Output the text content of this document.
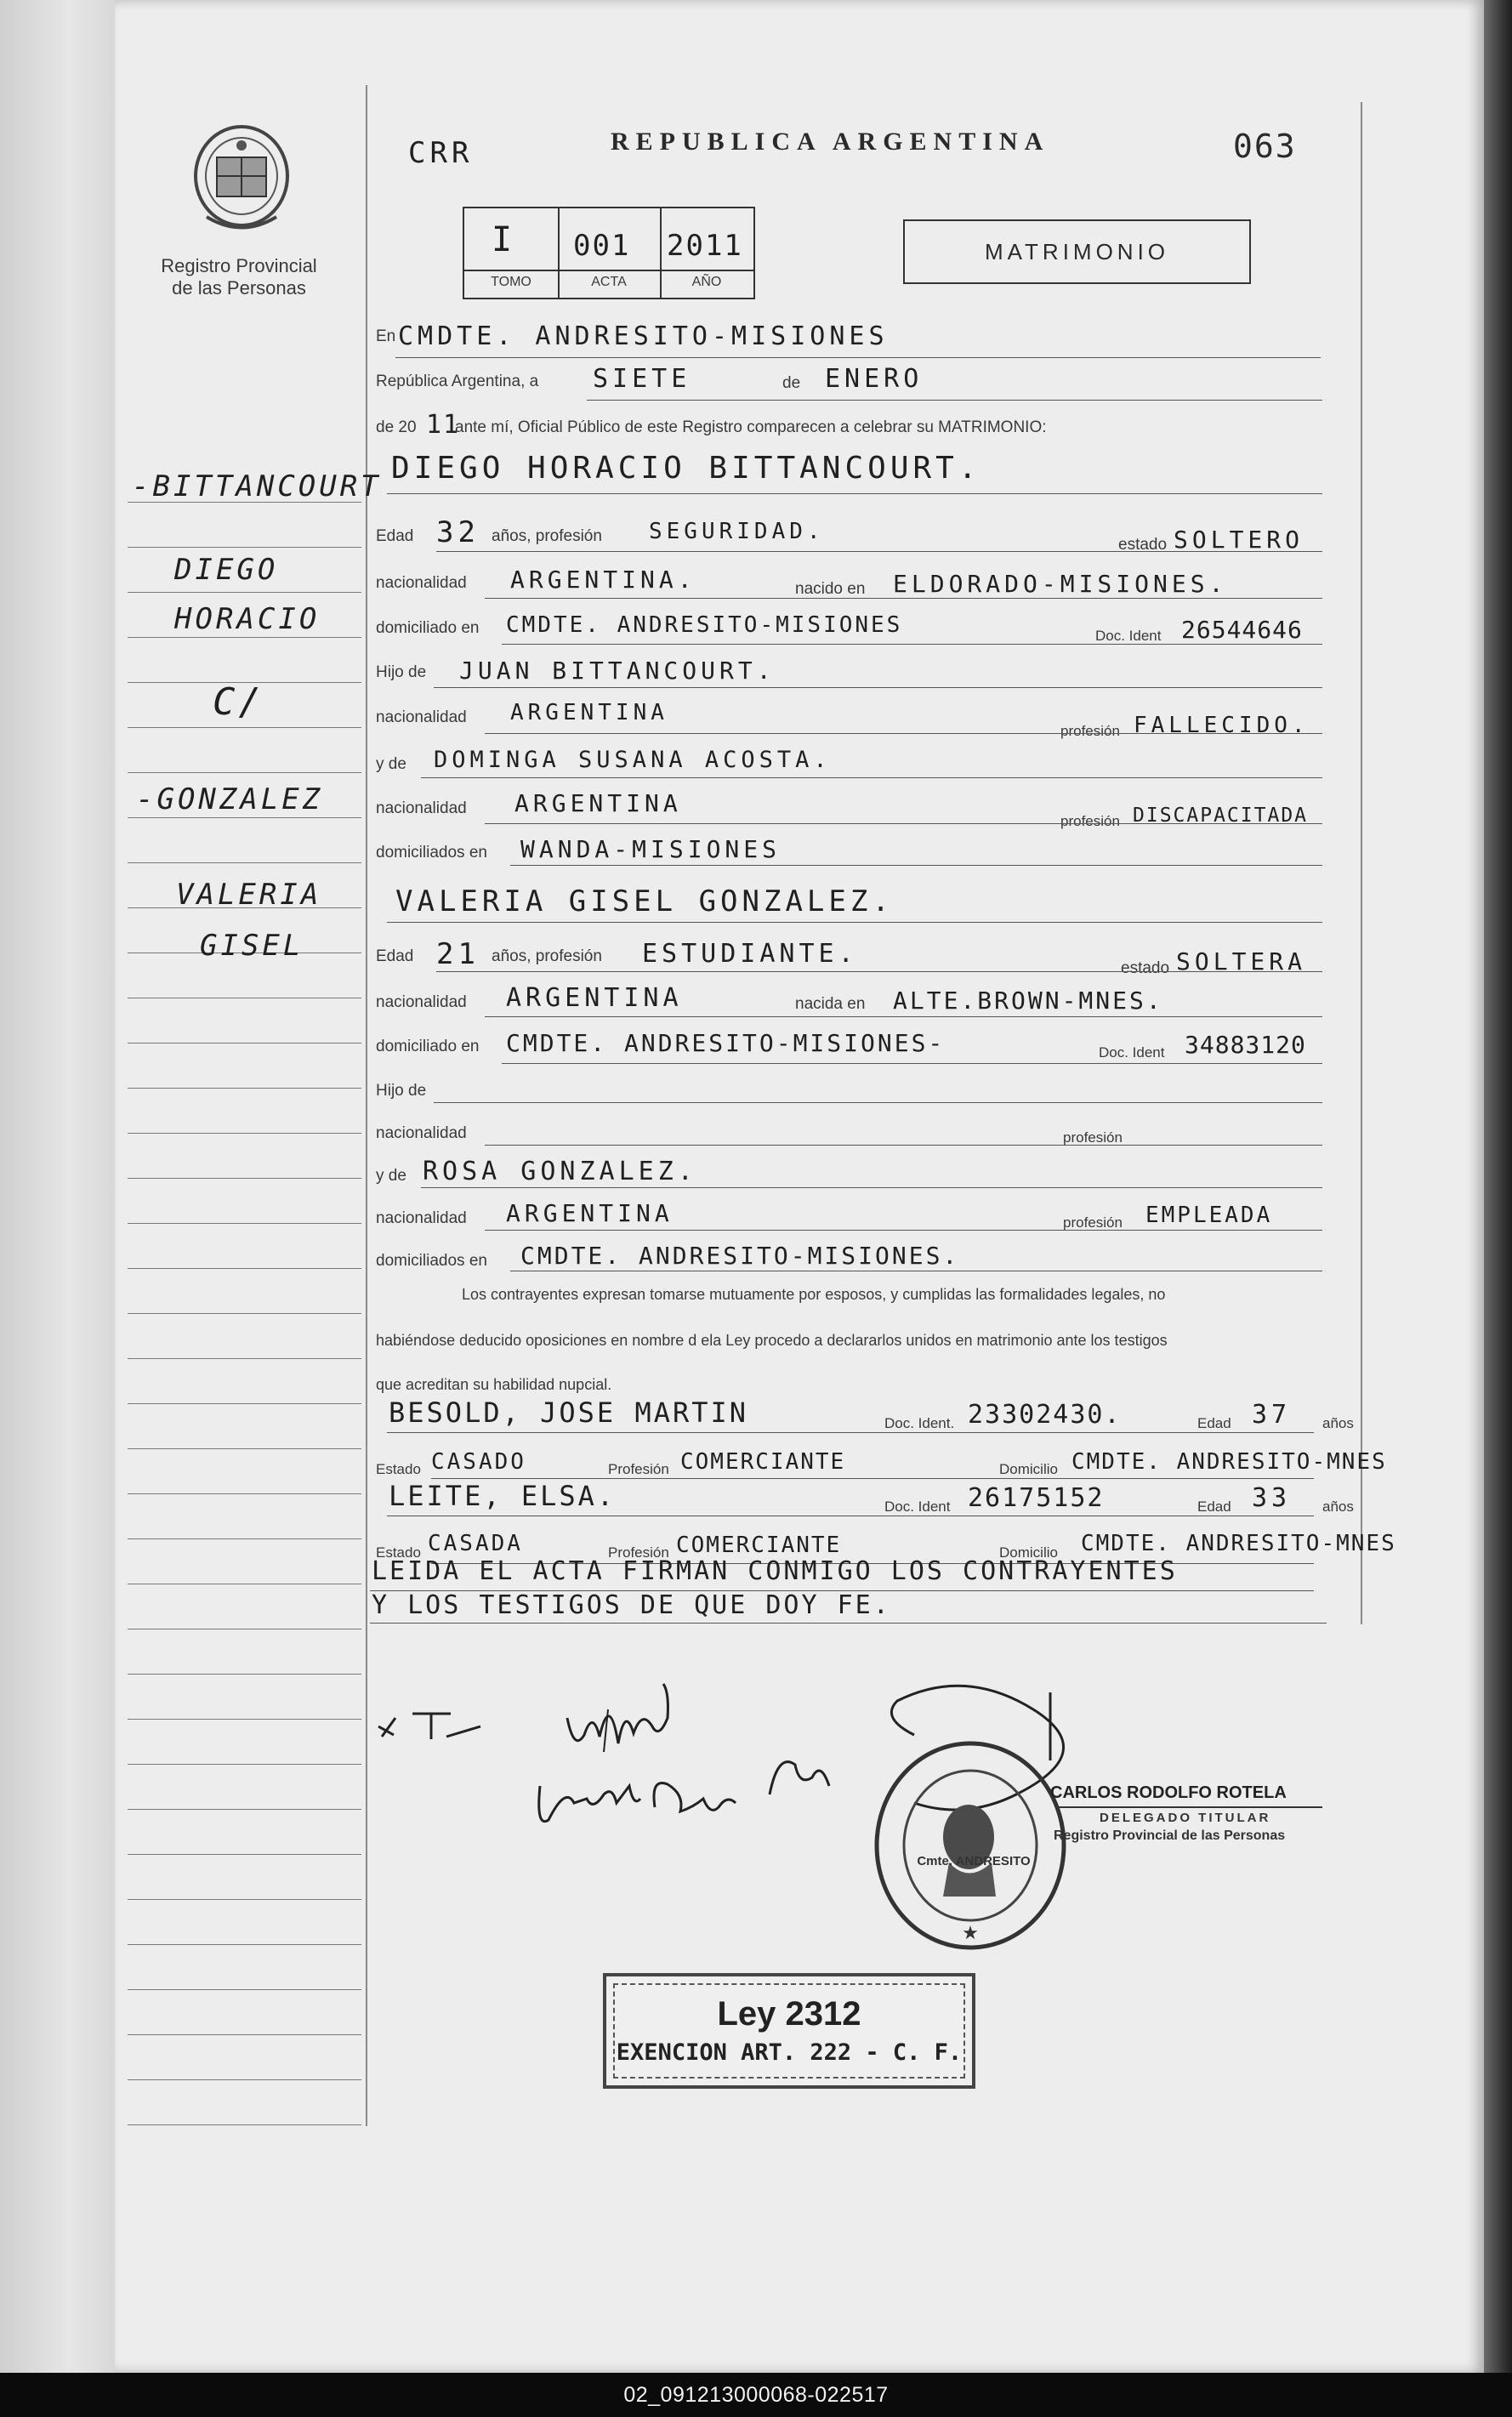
Registro Provincial
de las Personas
CRR	REPUBLICA ARGENTINA	063
I 001 2011
TOMO	ACTA	AÑO
MATRIMONIO
-BITTANCOURT
DIEGO
HORACIO
C/
-GONZALEZ
VALERIA
GISEL
En CMDTE. ANDRESITO-MISIONES
República Argentina, a SIETE	de ENERO
de 20 11
ante mí, Oficial Público de este Registro comparecen a celebrar su MATRIMONIO:
DIEGO HORACIO BITTANCOURT.
Edad 32 años, profesión SEGURIDAD.
estado SOLTERO
nacionalidad ARGENTINA.	nacido en ELDORADO-MISIONES.
domiciliado en CMDTE. ANDRESITO-MISIONES	Doc. Ident 26544646
Hijo de JUAN BITTANCOURT.
nacionalidad ARGENTINA
profesión FALLECIDO.
y de DOMINGA SUSANA ACOSTA.
nacionalidad ARGENTINA
profesión DISCAPACITADA
domiciliados en WANDA-MISIONES
VALERIA GISEL GONZALEZ.
Edad 21 años, profesión ESTUDIANTE.	estado SOLTERA
nacionalidad ARGENTINA	nacida en ALTE.BROWN-MNES.
domiciliado en CMDTE. ANDRESITO-MISIONES-	Doc. Ident 34883120
Hijo de
nacionalidad	profesión
y de ROSA GONZALEZ.
nacionalidad ARGENTINA	profesión EMPLEADA
domiciliados en CMDTE. ANDRESITO-MISIONES.
Los contrayentes expresan tomarse mutuamente por esposos, y cumplidas las formalidades legales, no
habiéndose deducido oposiciones en nombre d ela Ley procedo a declararlos unidos en matrimonio ante los testigos
que acreditan su habilidad nupcial.
BESOLD, JOSE MARTIN	Doc. Ident. 23302430.	Edad 37 años
Estado CASADO	Profesión COMERCIANTE	Domicilio CMDTE. ANDRESITO-MNES
LEITE, ELSA.	Doc. Ident 26175152	Edad 33 años
Estado CASADA	Profesión COMERCIANTE	Domicilio CMDTE. ANDRESITO-MNES
LEIDA EL ACTA FIRMAN CONMIGO LOS CONTRAYENTES
Y LOS TESTIGOS DE QUE DOY FE.
★
Cmte. ANDRESITO
CARLOS RODOLFO ROTELA
DELEGADO TITULAR
Registro Provincial de las Personas
Ley 2312
EXENCION ART. 222 - C. F.
02_091213000068-022517
